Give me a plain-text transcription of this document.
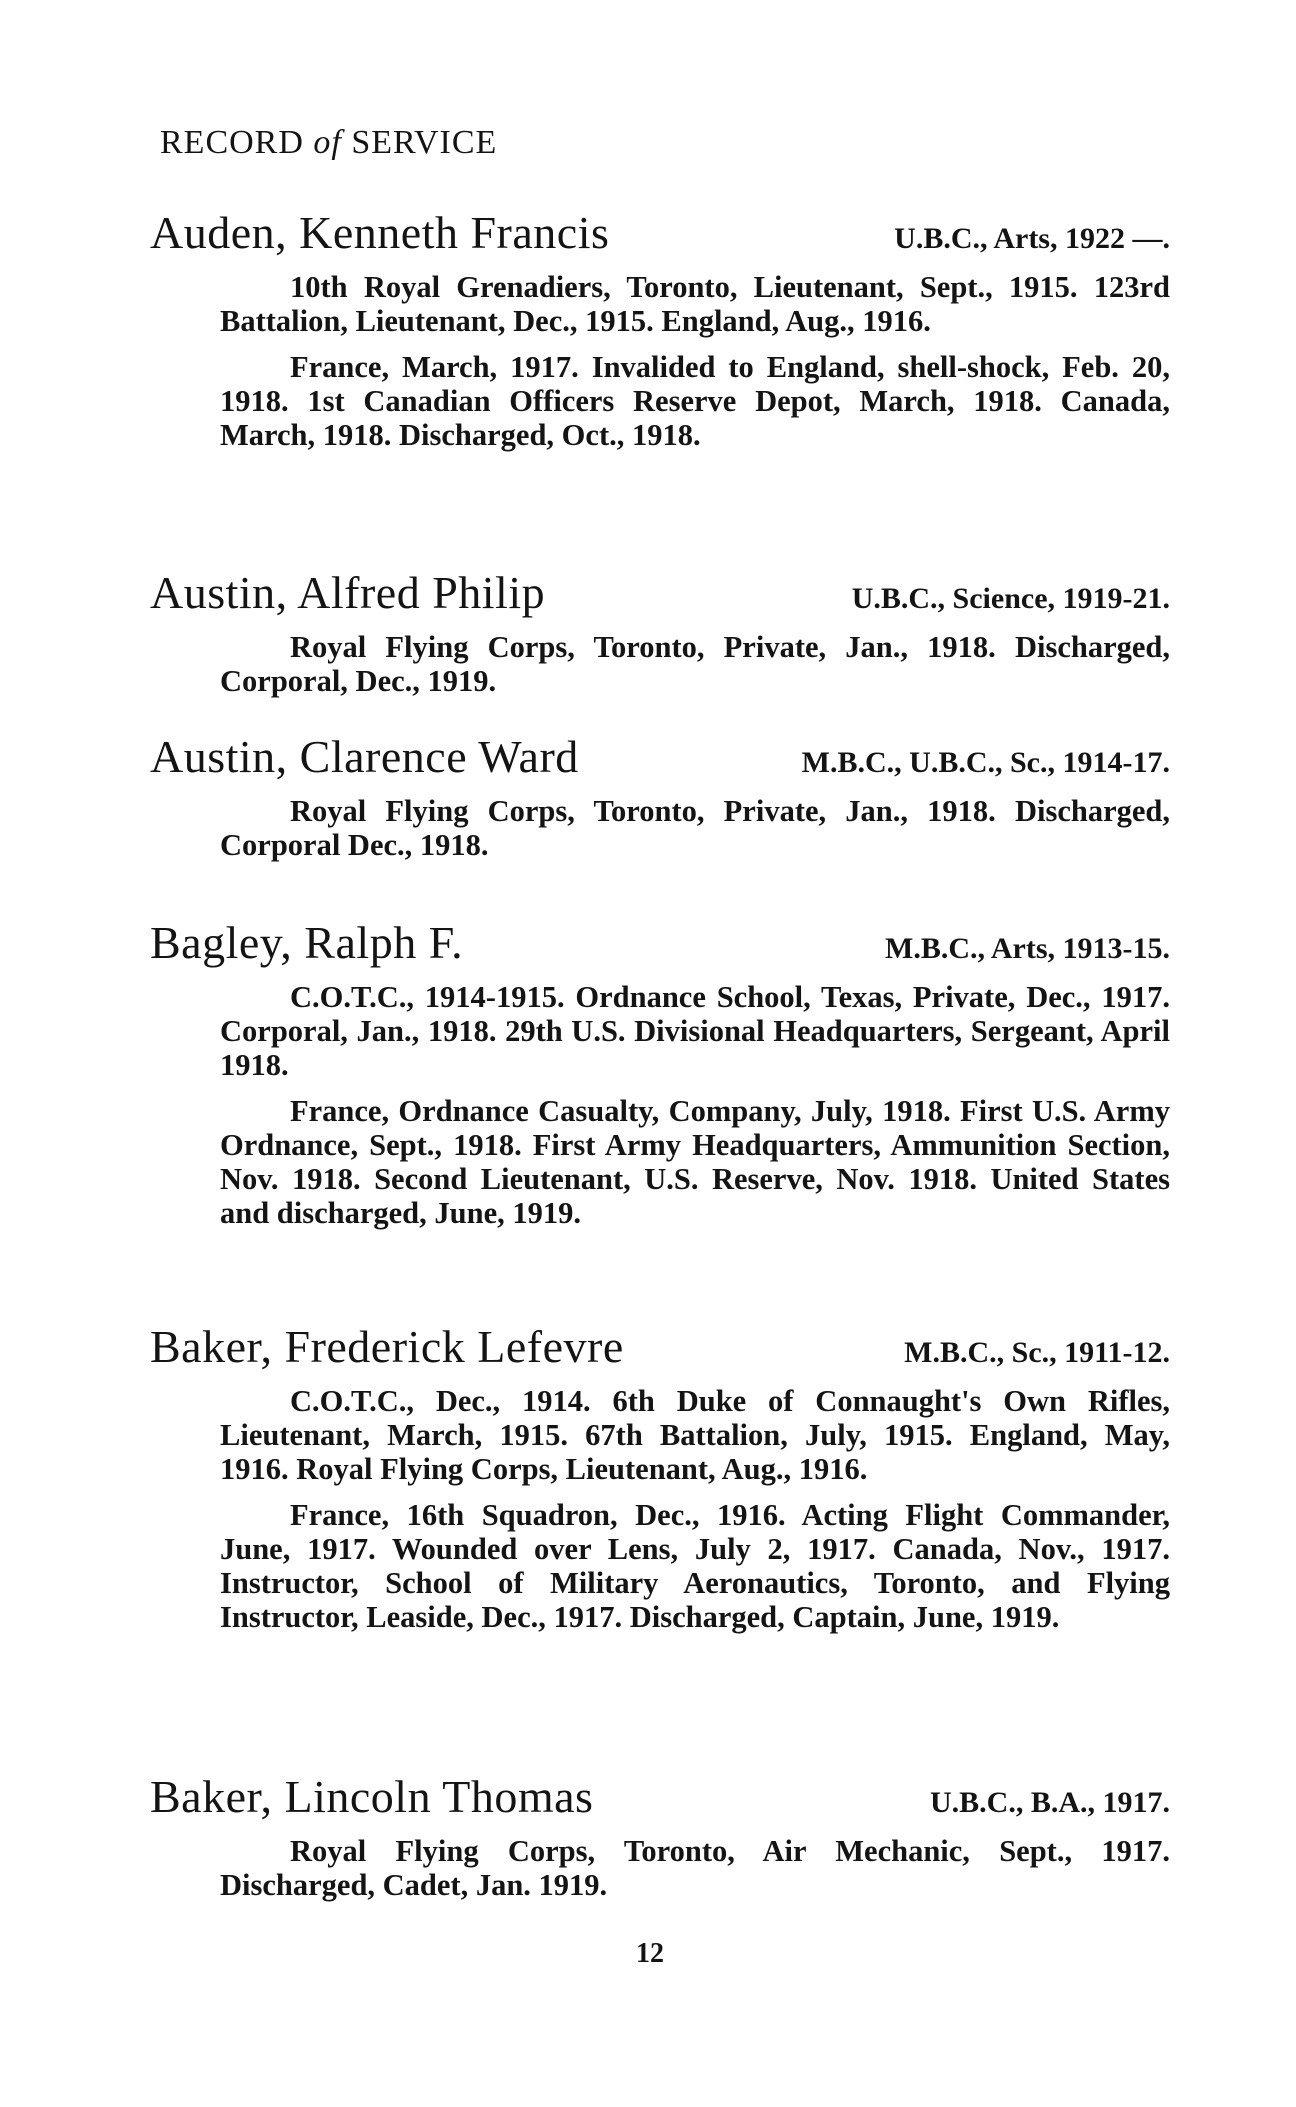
RECORD of SERVICE
Auden, Kenneth Francis	U.B.C., Arts, 1922 —.

10th Royal Grenadiers, Toronto, Lieutenant, Sept., 1915. 123rd Battalion, Lieutenant, Dec., 1915. England, Aug., 1916.

France, March, 1917. Invalided to England, shell-shock, Feb. 20, 1918. 1st Canadian Officers Reserve Depot, March, 1918. Canada, March, 1918. Discharged, Oct., 1918.

Austin, Alfred Philip	U.B.C., Science, 1919-21.

Royal Flying Corps, Toronto, Private, Jan., 1918. Discharged, Corporal, Dec., 1919.

Austin, Clarence Ward	M.B.C., U.B.C., Sc., 1914-17.

Royal Flying Corps, Toronto, Private, Jan., 1918. Discharged, Corporal Dec., 1918.

Bagley, Ralph F.	M.B.C., Arts, 1913-15.

C.O.T.C., 1914-1915. Ordnance School, Texas, Private, Dec., 1917. Corporal, Jan., 1918. 29th U.S. Divisional Headquarters, Sergeant, April 1918.

France, Ordnance Casualty, Company, July, 1918. First U.S. Army Ordnance, Sept., 1918. First Army Headquarters, Ammunition Section, Nov. 1918. Second Lieutenant, U.S. Reserve, Nov. 1918. United States and discharged, June, 1919.

Baker, Frederick Lefevre	M.B.C., Sc., 1911-12.

C.O.T.C., Dec., 1914. 6th Duke of Connaught's Own Rifles, Lieutenant, March, 1915. 67th Battalion, July, 1915. England, May, 1916. Royal Flying Corps, Lieutenant, Aug., 1916.

France, 16th Squadron, Dec., 1916. Acting Flight Commander, June, 1917. Wounded over Lens, July 2, 1917. Canada, Nov., 1917. Instructor, School of Military Aeronautics, Toronto, and Flying Instructor, Leaside, Dec., 1917. Discharged, Captain, June, 1919.

Baker, Lincoln Thomas	U.B.C., B.A., 1917.

Royal Flying Corps, Toronto, Air Mechanic, Sept., 1917. Discharged, Cadet, Jan. 1919.

12
